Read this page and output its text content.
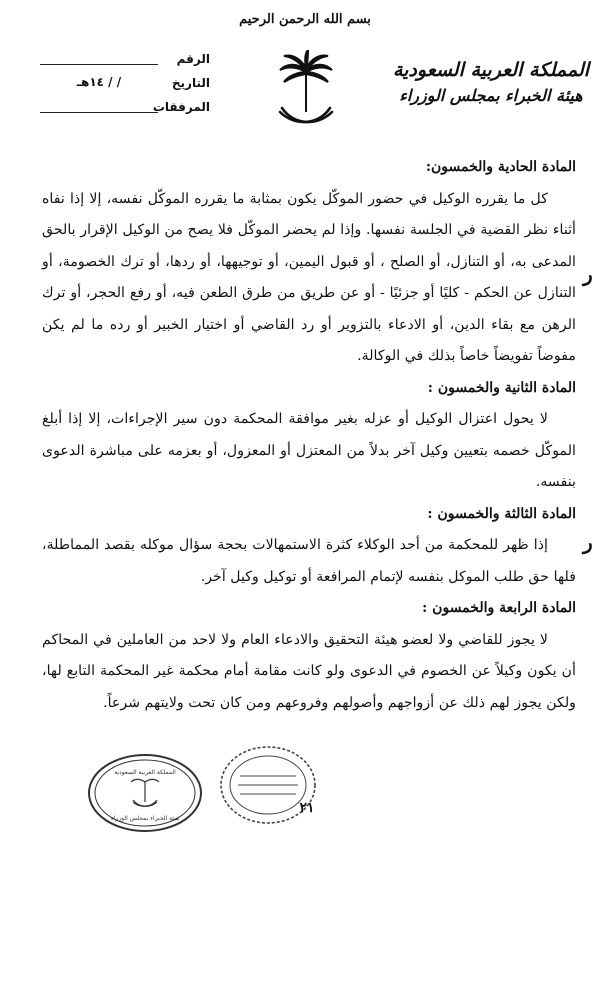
بسم الله الرحمن الرحيم
المملكة العربية السعودية
هيئة الخبراء بمجلس الوزراء
الرقم
التاريخ
/ / ١٤هـ
المرفقات

المادة الحادية والخمسون:

كل ما يقرره الوكيل في حضور الموكّل يكون بمثابة ما يقرره الموكّل نفسه، إلا إذا نفاه أثناء نظر القضية في الجلسة نفسها. وإذا لم يحضر الموكّل فلا يصح من الوكيل الإقرار بالحق المدعى به، أو التنازل، أو الصلح ، أو قبول اليمين، أو توجيهها، أو ردها، أو ترك الخصومة، أو التنازل عن الحكم - كليًا أو جزئيًا - أو عن طريق من طرق الطعن فيه، أو رفع الحجر، أو ترك الرهن مع بقاء الدين، أو الادعاء بالتزوير أو رد القاضي أو اختيار الخبير أو رده ما لم يكن مفوضاً تفويضاً خاصاً بذلك في الوكالة.

المادة الثانية والخمسون :

لا يحول اعتزال الوكيل أو عزله بغير موافقة المحكمة دون سير الإجراءات، إلا إذا أبلغ الموكّل خصمه بتعيين وكيل آخر بدلاً من المعتزل أو المعزول، أو بعزمه على مباشرة الدعوى بنفسه.

المادة الثالثة والخمسون :

إذا ظهر للمحكمة من أحد الوكلاء كثرة الاستمهالات بحجة سؤال موكله بقصد المماطلة، فلها حق طلب الموكل بنفسه لإتمام المرافعة أو توكيل وكيل آخر.

المادة الرابعة والخمسون :

لا يجوز للقاضي ولا لعضو هيئة التحقيق والادعاء العام ولا لاحد من العاملين في المحاكم أن يكون وكيلاً عن الخصوم في الدعوى ولو كانت مقامة أمام محكمة غير المحكمة التابع لها، ولكن يجوز لهم ذلك عن أزواجهم وأصولهم وفروعهم ومن كان تحت ولايتهم شرعاً.

ر
ر
المملكة العربية السعودية
هيئة الخبراء بمجلس الوزراء
٢١
